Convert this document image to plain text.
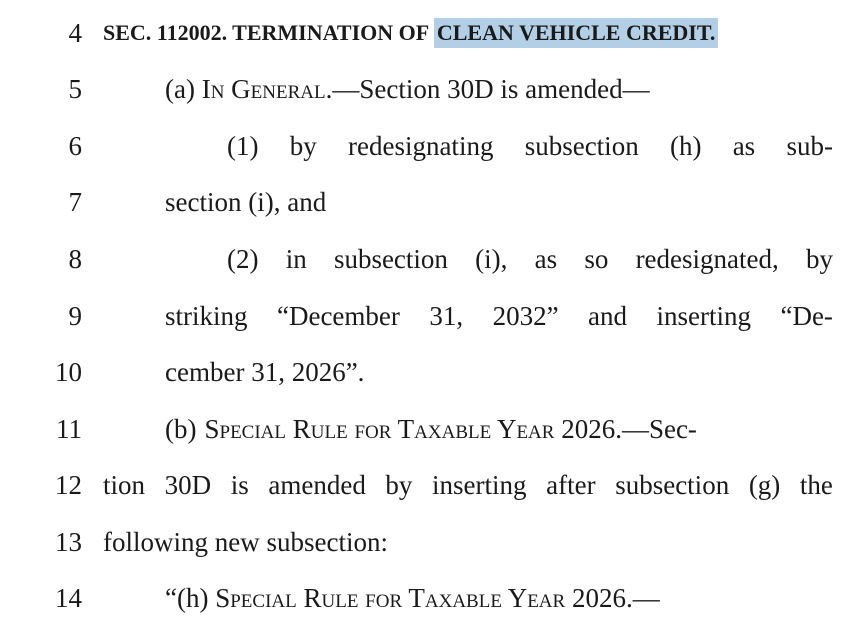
4 SEC. 112002. TERMINATION OF CLEAN VEHICLE CREDIT.
5	(a) In General.—Section 30D is amended—
6	(1) by redesignating subsection (h) as sub-
7	section (i), and
8	(2) in subsection (i), as so redesignated, by
9	striking “December 31, 2032” and inserting “De-
10	cember 31, 2026”.
11	(b) Special Rule for Taxable Year 2026.—Sec-
12 tion 30D is amended by inserting after subsection (g) the
13 following new subsection:
14	“(h) Special Rule for Taxable Year 2026.—
